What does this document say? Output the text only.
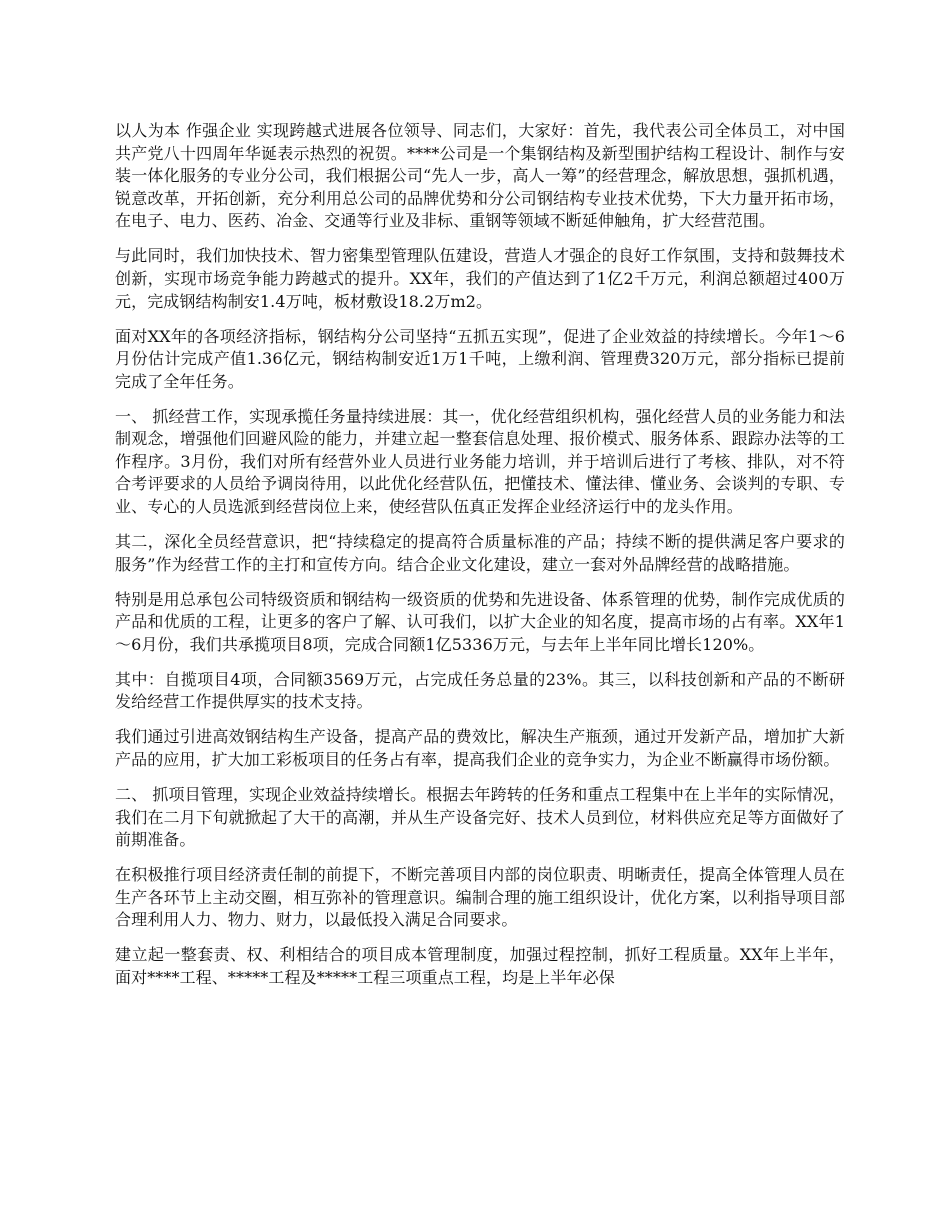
以人为本 作强企业 实现跨越式进展各位领导、同志们，大家好：首先，我代表公司全体员工，对中国共产党八十四周年华诞表示热烈的祝贺。****公司是一个集钢结构及新型围护结构工程设计、制作与安装一体化服务的专业分公司，我们根据公司“先人一步，高人一筹”的经营理念，解放思想，强抓机遇，锐意改革，开拓创新，充分利用总公司的品牌优势和分公司钢结构专业技术优势，下大力量开拓市场，在电子、电力、医药、冶金、交通等行业及非标、重钢等领域不断延伸触角，扩大经营范围。

与此同时，我们加快技术、智力密集型管理队伍建设，营造人才强企的良好工作氛围，支持和鼓舞技术创新，实现市场竞争能力跨越式的提升。XX年，我们的产值达到了1亿2千万元，利润总额超过400万元，完成钢结构制安1.4万吨，板材敷设18.2万m2。

面对XX年的各项经济指标，钢结构分公司坚持“五抓五实现”，促进了企业效益的持续增长。今年1～6月份估计完成产值1.36亿元，钢结构制安近1万1千吨，上缴利润、管理费320万元，部分指标已提前完成了全年任务。

一、 抓经营工作，实现承揽任务量持续进展：其一，优化经营组织机构，强化经营人员的业务能力和法制观念，增强他们回避风险的能力，并建立起一整套信息处理、报价模式、服务体系、跟踪办法等的工作程序。3月份，我们对所有经营外业人员进行业务能力培训，并于培训后进行了考核、排队，对不符合考评要求的人员给予调岗待用，以此优化经营队伍，把懂技术、懂法律、懂业务、会谈判的专职、专业、专心的人员选派到经营岗位上来，使经营队伍真正发挥企业经济运行中的龙头作用。

其二，深化全员经营意识，把“持续稳定的提高符合质量标准的产品；持续不断的提供满足客户要求的服务”作为经营工作的主打和宣传方向。结合企业文化建设，建立一套对外品牌经营的战略措施。

特别是用总承包公司特级资质和钢结构一级资质的优势和先进设备、体系管理的优势，制作完成优质的产品和优质的工程，让更多的客户了解、认可我们，以扩大企业的知名度，提高市场的占有率。XX年1～6月份，我们共承揽项目8项，完成合同额1亿5336万元，与去年上半年同比增长120%。

其中：自揽项目4项，合同额3569万元，占完成任务总量的23%。其三，以科技创新和产品的不断研发给经营工作提供厚实的技术支持。

我们通过引进高效钢结构生产设备，提高产品的费效比，解决生产瓶颈，通过开发新产品，增加扩大新产品的应用，扩大加工彩板项目的任务占有率，提高我们企业的竞争实力，为企业不断赢得市场份额。

二、 抓项目管理，实现企业效益持续增长。根据去年跨转的任务和重点工程集中在上半年的实际情况，我们在二月下旬就掀起了大干的高潮，并从生产设备完好、技术人员到位，材料供应充足等方面做好了前期准备。

在积极推行项目经济责任制的前提下，不断完善项目内部的岗位职责、明晰责任，提高全体管理人员在生产各环节上主动交圈，相互弥补的管理意识。编制合理的施工组织设计，优化方案，以利指导项目部合理利用人力、物力、财力，以最低投入满足合同要求。

建立起一整套责、权、利相结合的项目成本管理制度，加强过程控制，抓好工程质量。XX年上半年，面对****工程、*****工程及*****工程三项重点工程，均是上半年必保
